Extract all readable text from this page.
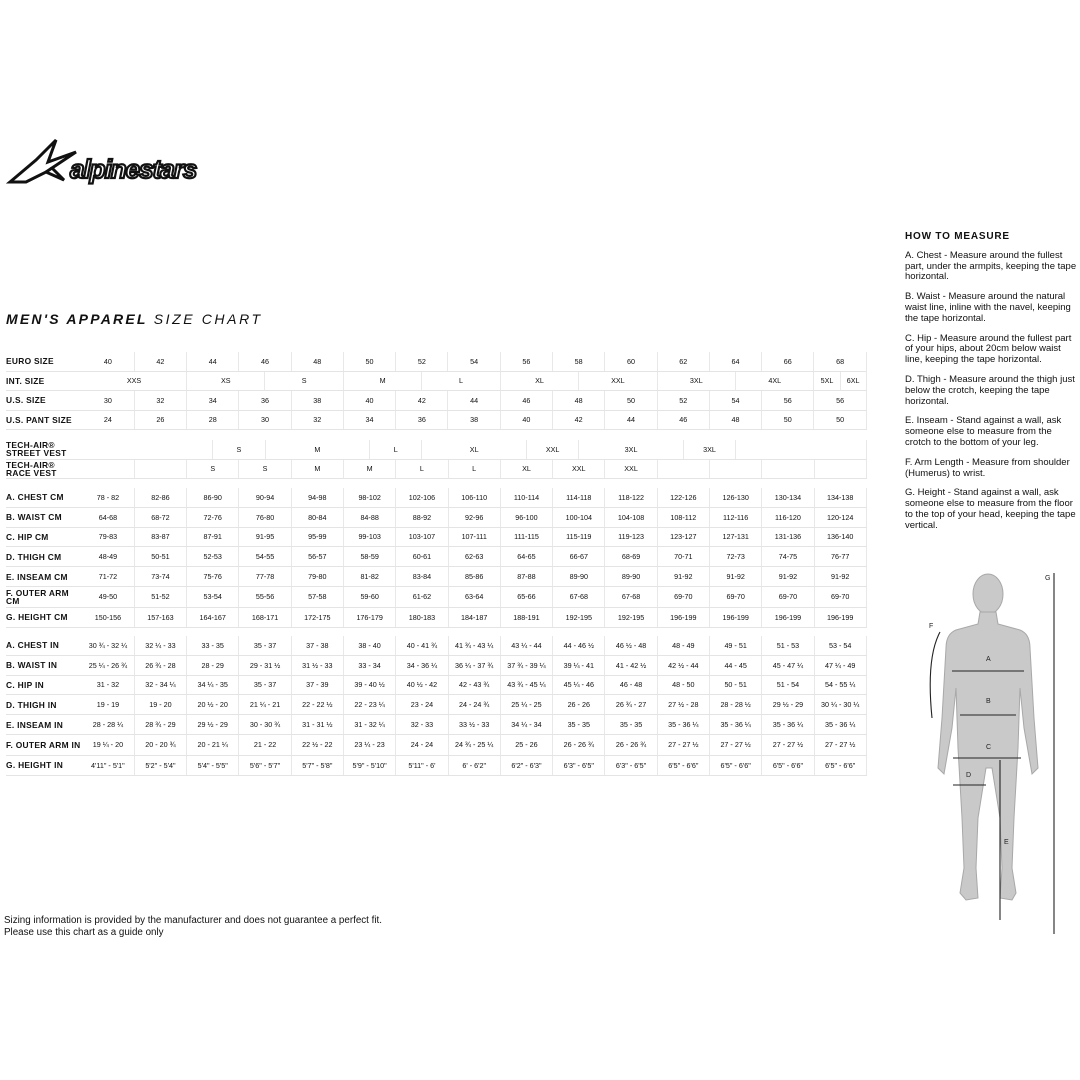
alpinestars
MEN'S APPAREL SIZE CHART
EURO SIZE	40	42	44	46		48	50	52		54	56	58		60	62	64		66	68	
INT. SIZE	XXS		XS		S		M		L		XL		XXL		3XL		4XL		5XL	6XL
U.S. SIZE	30	32	34	36		38	40	42		44	46	48		50	52	54		56	56	
U.S. PANT SIZE	24	26	28	30		32	34	36		38	40	42		44	46	48		50	50	
TECH-AIR® STREET VEST				S		M			L		XL			XXL		3XL			3XL				
TECH-AIR® RACE VEST			S		S		M	M		L		L	XL		XXL		XXL						
A. CHEST CM	78 - 82	82-86	86-90	90-94	94-98	98-102	102-106	106-110	110-114	114-118	118-122	122-126	126-130	130-134	134-138
B. WAIST CM	64-68	68-72	72-76	76-80	80-84	84-88	88-92	92-96	96-100	100-104	104-108	108-112	112-116	116-120	120-124
C. HIP CM	79-83	83-87	87-91	91-95	95-99	99-103	103-107	107-111	111-115	115-119	119-123	123-127	127-131	131-136	136-140
D. THIGH CM	48-49	50-51	52-53	54-55	56-57	58-59	60-61	62-63	64-65	66-67	68-69	70-71	72-73	74-75	76-77
E. INSEAM CM	71-72	73-74	75-76	77-78	79-80	81-82	83-84	85-86	87-88	89-90	89-90	91-92	91-92	91-92	91-92
F. OUTER ARM CM	49-50	51-52	53-54	55-56	57-58	59-60	61-62	63-64	65-66	67-68	67-68	69-70	69-70	69-70	69-70
G. HEIGHT CM	150-156	157-163	164-167	168-171	172-175	176-179	180-183	184-187	188-191	192-195	192-195	196-199	196-199	196-199	196-199
A. CHEST IN	30 ¾ - 32 ¼	32 ¼ - 33	33 - 35	35 - 37	37 - 38	38 - 40	40 - 41 ¾	41 ¾ - 43 ¼	43 ¼ - 44	44 - 46 ½	46 ½ - 48	48 - 49	49 - 51	51 - 53	53 - 54
B. WAIST IN	25 ¼ - 26 ¾	26 ¾ - 28	28 - 29	29 - 31 ½	31 ½ - 33	33 - 34	34 - 36 ¼	36 ¼ - 37 ¾	37 ¾ - 39 ¼	39 ¼ - 41	41 - 42 ½	42 ½ - 44	44 - 45	45 - 47 ¼	47 ¼ - 49
C. HIP IN	31 - 32	32 - 34 ¼	34 ¼ - 35	35 - 37	37 - 39	39 - 40 ½	40 ½ - 42	42 - 43 ¾	43 ¾ - 45 ¼	45 ¼ - 46	46 - 48	48 - 50	50 - 51	51 - 54	54 - 55 ¼
D. THIGH IN	19 - 19	19 - 20	20 ½ - 20	21 ¼ - 21	22 - 22 ½	22 - 23 ¼	23 - 24	24 - 24 ¾	25 ¼ - 25	26 - 26	26 ¾ - 27	27 ½ - 28	28 - 28 ½	29 ½ - 29	30 ¼ - 30 ¼
E. INSEAM IN	28 - 28 ¼	28 ¾ - 29	29 ½ - 29	30 - 30 ¾	31 - 31 ½	31 - 32 ¼	32 - 33	33 ½ - 33	34 ¼ - 34	35 - 35	35 - 35	35 - 36 ¼	35 - 36 ¼	35 - 36 ¼	35 - 36 ¼
F. OUTER ARM IN	19 ¼ - 20	20 - 20 ¾	20 - 21 ¼	21 - 22	22 ½ - 22	23 ¼ - 23	24 - 24	24 ¾ - 25 ¼	25 - 26	26 - 26 ¾	26 - 26 ¾	27 - 27 ½	27 - 27 ½	27 - 27 ½	27 - 27 ½
G. HEIGHT IN	4'11" - 5'1"	5'2" - 5'4"	5'4" - 5'5"	5'6" - 5'7"	5'7" - 5'8"	5'9" - 5'10"	5'11" - 6'	6' - 6'2"	6'2" - 6'3"	6'3" - 6'5"	6'3" - 6'5"	6'5" - 6'6"	6'5" - 6'6"	6'5" - 6'6"	6'5" - 6'6"
Sizing information is provided by the manufacturer and does not guarantee a perfect fit.
Please use this chart as a guide only
HOW TO MEASURE

A. Chest - Measure around the fullest part, under the armpits, keeping the tape horizontal.

B. Waist - Measure around the natural waist line, inline with the navel, keeping the tape horizontal.

C. Hip - Measure around the fullest part of your hips, about 20cm below waist line, keeping the tape horizontal.

D. Thigh - Measure around the thigh just below the crotch, keeping the tape horizontal.

E. Inseam - Stand against a wall, ask someone else to measure from the crotch to the bottom of your leg.

F. Arm Length - Measure from shoulder (Humerus) to wrist.

G. Height - Stand against a wall, ask someone else to measure from the floor to the top of your head, keeping the tape vertical.

A
B
C
D
E
F
G
